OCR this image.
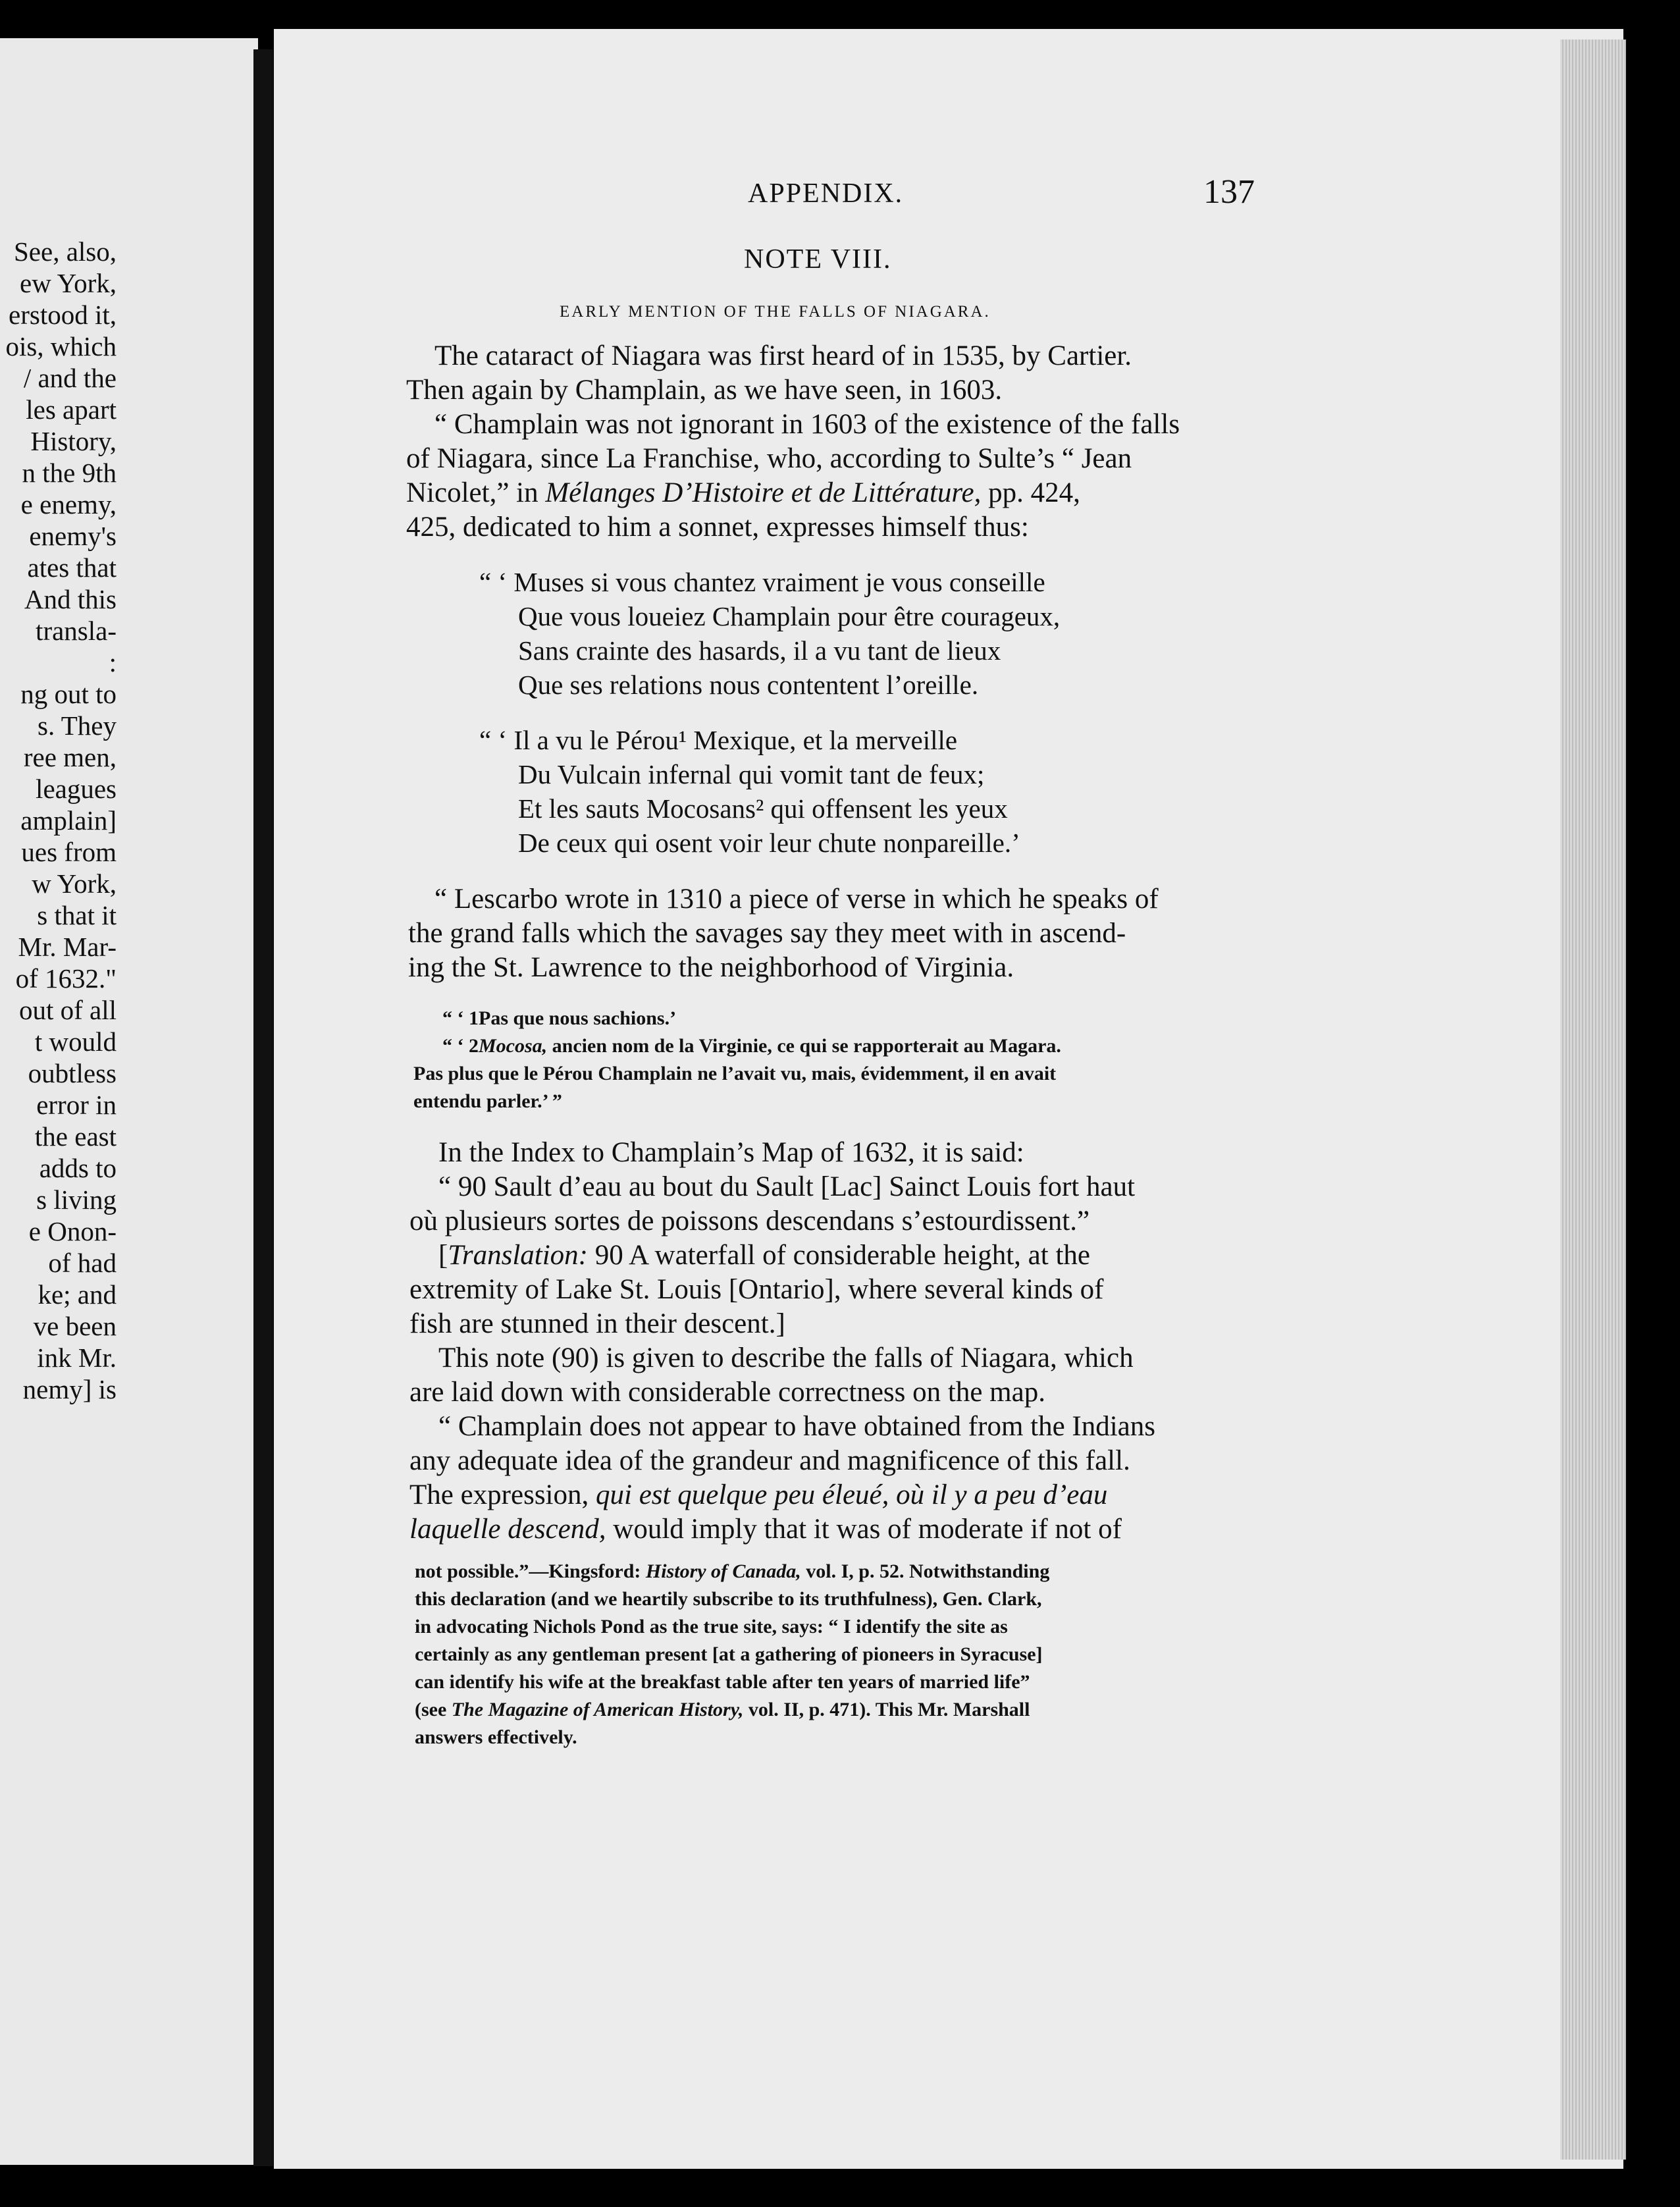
See, also,
ew York,
erstood it,
ois, which
/ and the
les apart
History,
n the 9th
e enemy,
enemy's
ates that
And this
transla-
:
ng out to
s. They
ree men,
leagues
amplain]
ues from
w York,
s that it
Mr. Mar-
of 1632."
out of all
t would
oubtless
error in
the east
adds to
s living
e Onon-
of had
ke; and
ve been
ink Mr.
nemy] is
APPENDIX.	137
NOTE VIII.
EARLY MENTION OF THE FALLS OF NIAGARA.
The cataract of Niagara was first heard of in 1535, by Cartier.
Then again by Champlain, as we have seen, in 1603.
“ Champlain was not ignorant in 1603 of the existence of the falls
of Niagara, since La Franchise, who, according to Sulte’s “ Jean
Nicolet,” in Mélanges D’Histoire et de Littérature, pp. 424,
425, dedicated to him a sonnet, expresses himself thus:
“ ‘ Muses si vous chantez vraiment je vous conseille
Que vous loueiez Champlain pour être courageux,
Sans crainte des hasards, il a vu tant de lieux
Que ses relations nous contentent l’oreille.
“ ‘ Il a vu le Pérou¹ Mexique, et la merveille
Du Vulcain infernal qui vomit tant de feux;
Et les sauts Mocosans² qui offensent les yeux
De ceux qui osent voir leur chute nonpareille.’
“ Lescarbo wrote in 1310 a piece of verse in which he speaks of
the grand falls which the savages say they meet with in ascend-
ing the St. Lawrence to the neighborhood of Virginia.
“ ‘ 1Pas que nous sachions.’
“ ‘ 2Mocosa, ancien nom de la Virginie, ce qui se rapporterait au Magara.
Pas plus que le Pérou Champlain ne l’avait vu, mais, évidemment, il en avait
entendu parler.’ ”
In the Index to Champlain’s Map of 1632, it is said:
“ 90 Sault d’eau au bout du Sault [Lac] Sainct Louis fort haut
où plusieurs sortes de poissons descendans s’estourdissent.”
[Translation: 90 A waterfall of considerable height, at the
extremity of Lake St. Louis [Ontario], where several kinds of
fish are stunned in their descent.]
This note (90) is given to describe the falls of Niagara, which
are laid down with considerable correctness on the map.
“ Champlain does not appear to have obtained from the Indians
any adequate idea of the grandeur and magnificence of this fall.
The expression, qui est quelque peu éleué, où il y a peu d’eau
laquelle descend, would imply that it was of moderate if not of
not possible.”—Kingsford: History of Canada, vol. I, p. 52. Notwithstanding
this declaration (and we heartily subscribe to its truthfulness), Gen. Clark,
in advocating Nichols Pond as the true site, says: “ I identify the site as
certainly as any gentleman present [at a gathering of pioneers in Syracuse]
can identify his wife at the breakfast table after ten years of married life”
(see The Magazine of American History, vol. II, p. 471). This Mr. Marshall
answers effectively.
